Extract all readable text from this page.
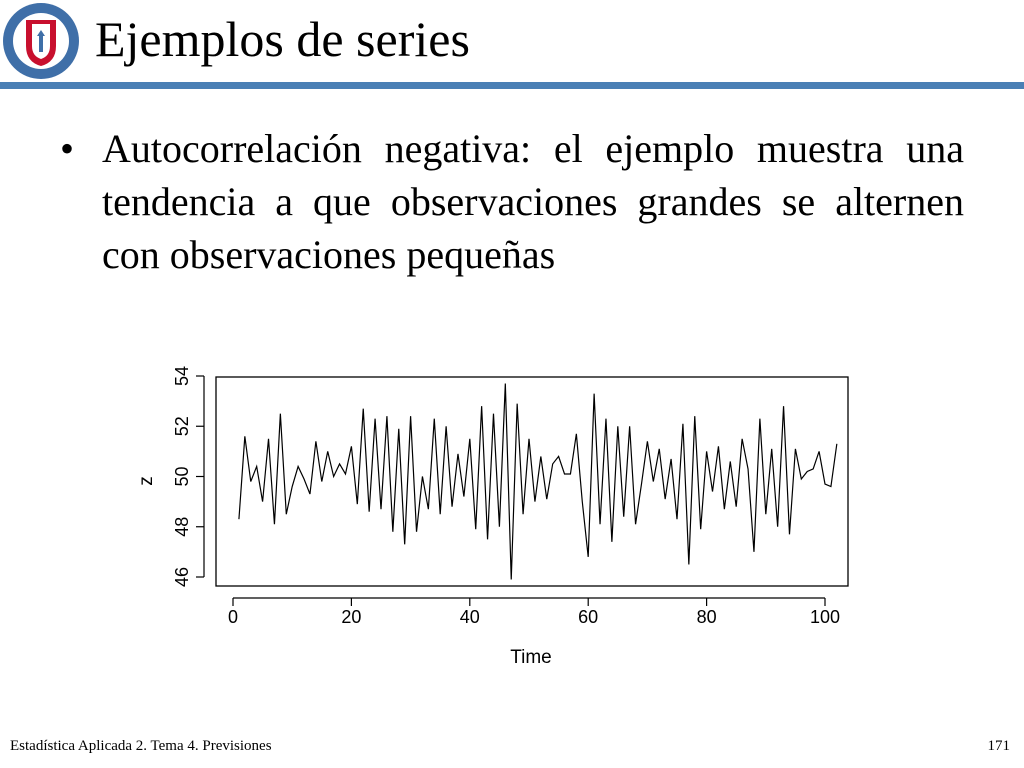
Ejemplos de series
• Autocorrelación negativa: el ejemplo muestra una tendencia a que observaciones grandes se alternen con observaciones pequeñas
0	20	40	60	80	100
46
48
50
52
54
Time
z
Estadística Aplicada 2. Tema 4. Previsiones	171
